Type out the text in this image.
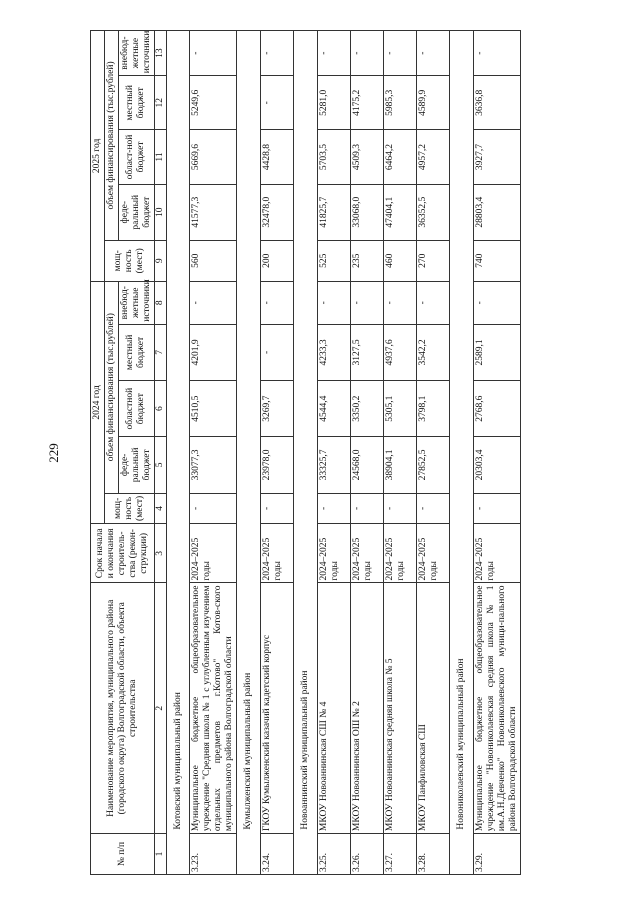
229
№ п/п	Наименование мероприятия, муниципального района (городского округа) Волгоградской области, объекта строительства	Срок начала и окончания строитель-ства (рекон-струкции)	2024 год					2025 год				
			мощ-ность (мест)	объем финансирования (тыс.рублей)				мощ-ность (мест)	объем финансирования (тыс.рублей)			
				феде-ральный бюджет	областной бюджет	местный бюджет	внебюд-жетные источники		феде-ральный бюджет	област-ной бюджет	местный бюджет	внебюд-жетные источники
1	2	3	4	5	6	7	8	9	10	11	12	13
	Котовский муниципальный район											
3.23.	Муниципальное бюджетное общеобразовательное учреждение "Средняя школа № 1 с углубленным изучением отдельных предметов г.Котово" Котов-ского муниципального района Волгоградской области	2024–2025 годы	-	33077,3	4510,5	4201,9	-	560	41577,3	5669,6	5249,6	-
	Кумылженский муниципальный район											
3.24.	ГКОУ Кумылженский казачий кадетский корпус	2024–2025 годы	-	23978,0	3269,7	-	-	200	32478,0	4428,8	-	-
	Новоаннинский муниципальный район											
3.25.	МКОУ Новоаннинская СШ № 4	2024–2025 годы	-	33325,7	4544,4	4233,3	-	525	41825,7	5703,5	5281,0	-
3.26.	МКОУ Новоаннинская ОШ № 2	2024–2025 годы	-	24568,0	3350,2	3127,5	-	235	33068,0	4509,3	4175,2	-
3.27.	МКОУ Новоаннинская средняя школа № 5	2024–2025 годы	-	38904,1	5305,1	4937,6	-	460	47404,1	6464,2	5985,3	-
3.28.	МКОУ Панфиловская СШ	2024–2025 годы	-	27852,5	3798,1	3542,2	-	270	36352,5	4957,2	4589,9	-
	Новониколаевский муниципальный район											
3.29.	Муниципальное бюджетное общеобразовательное учреждение "Новониколаевская средняя школа № 1 им.А.Н.Девченко" Новониколаевского муници-пального района Волгоградской области	2024–2025 годы	-	20303,4	2768,6	2589,1	-	740	28803,4	3927,7	3636,8	-
